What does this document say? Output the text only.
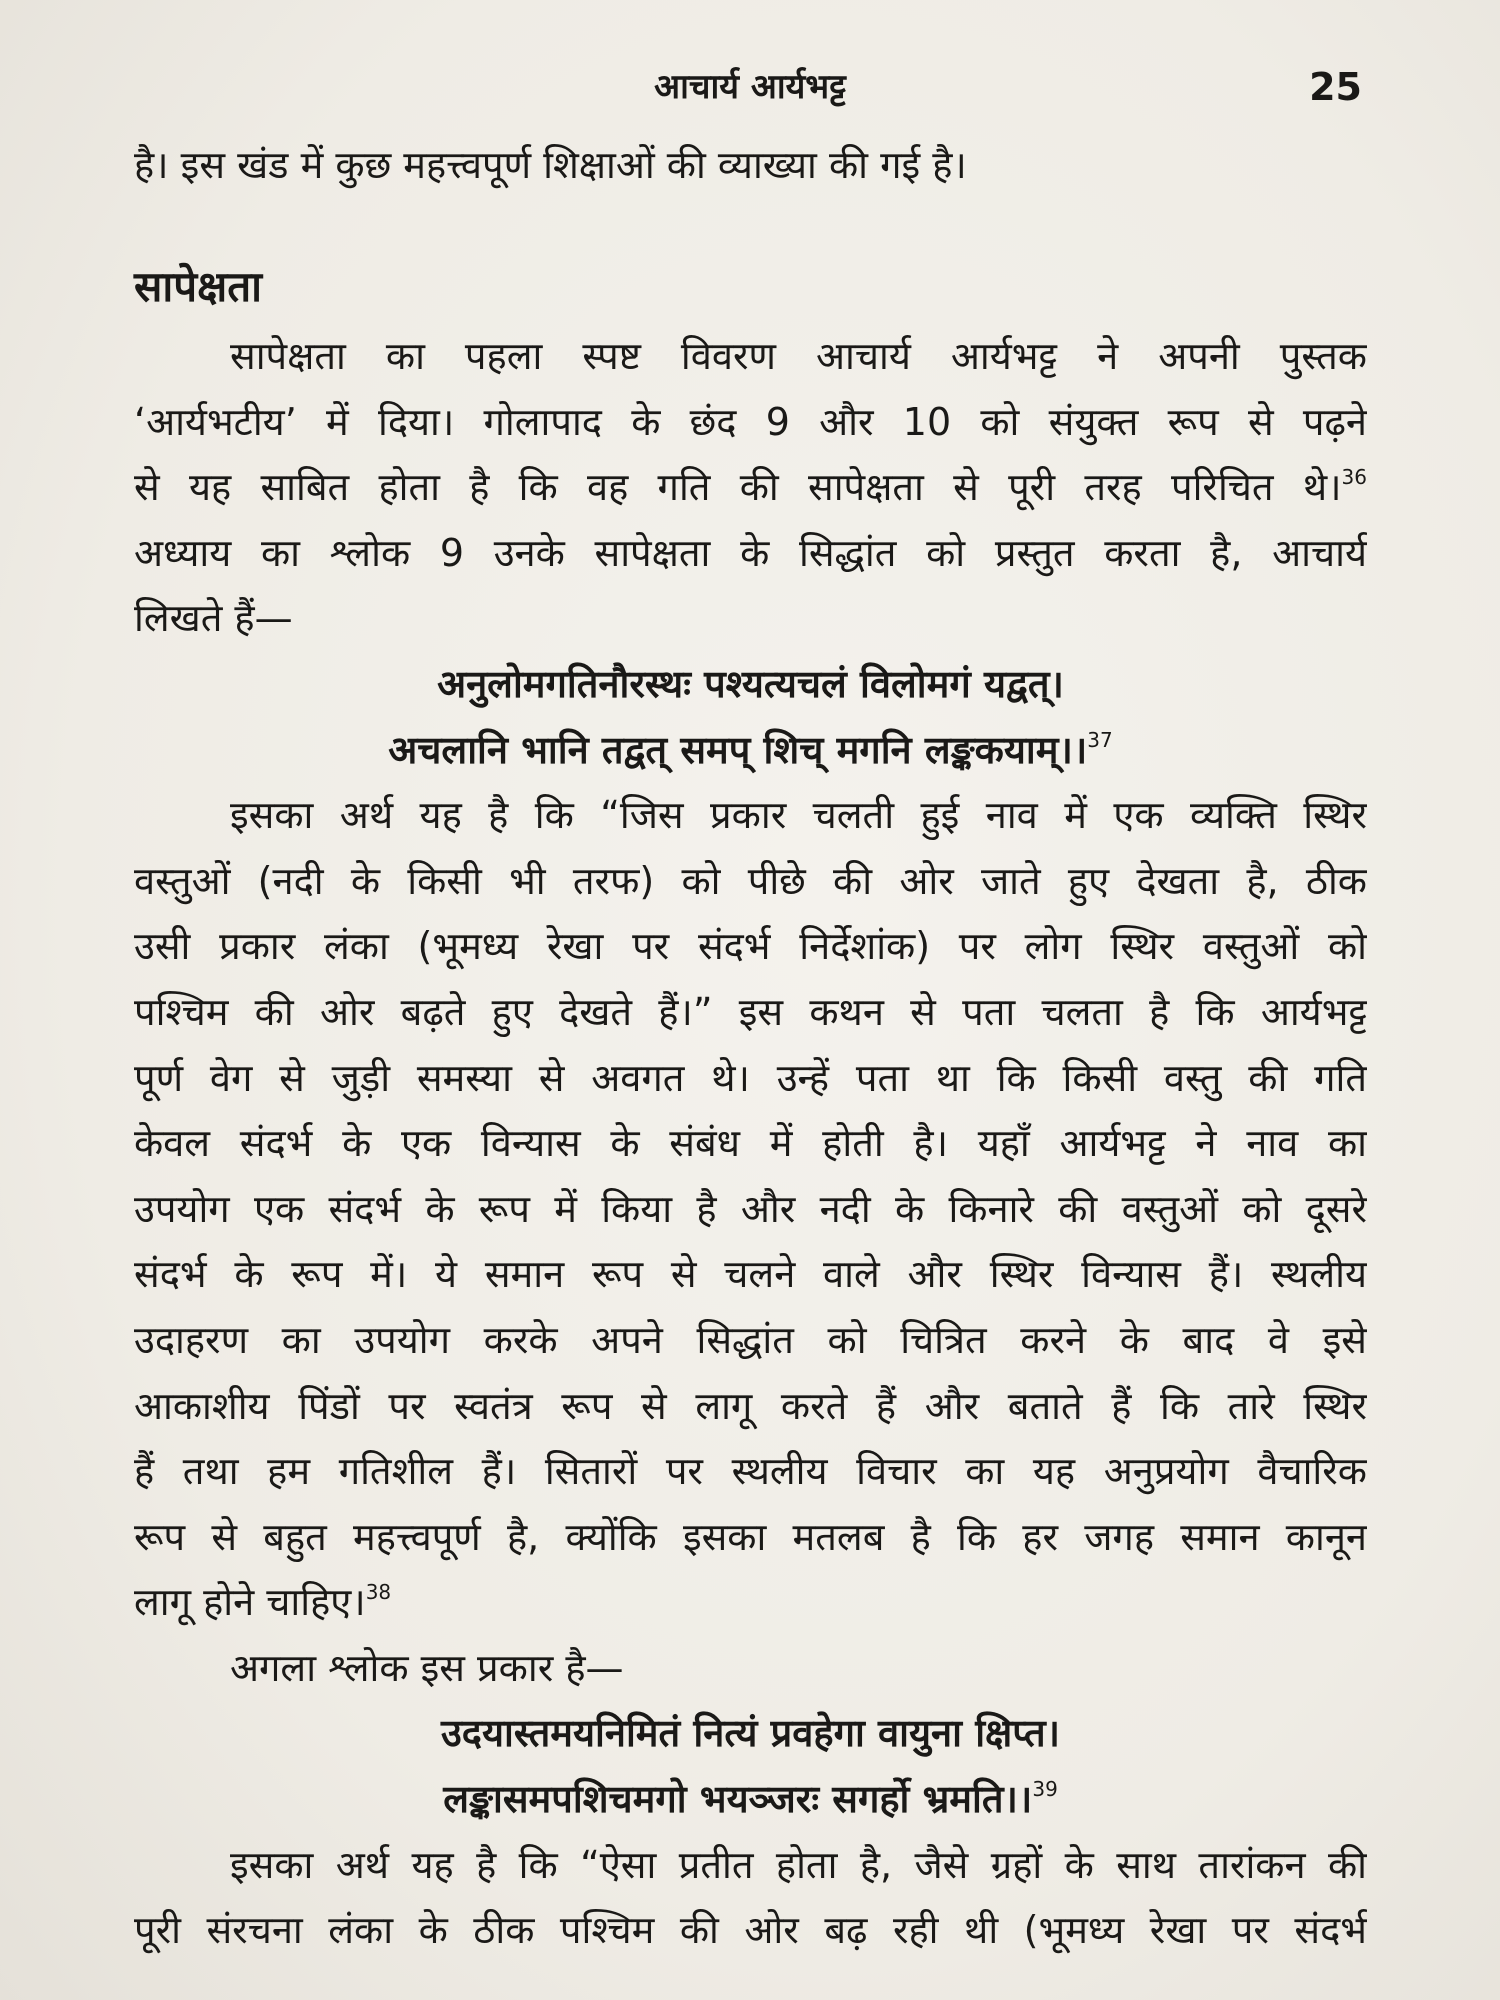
आचार्य आर्यभट्ट	25
है। इस खंड में कुछ महत्त्वपूर्ण शिक्षाओं की व्याख्या की गई है।
सापेक्षता
सापेक्षता का पहला स्पष्ट विवरण आचार्य आर्यभट्ट ने अपनी पुस्तक
‘आर्यभटीय’ में दिया। गोलापाद के छंद 9 और 10 को संयुक्त रूप से पढ़ने
से यह साबित होता है कि वह गति की सापेक्षता से पूरी तरह परिचित थे।$^{36}$
अध्याय का श्लोक 9 उनके सापेक्षता के सिद्धांत को प्रस्तुत करता है, आचार्य
लिखते हैं—
अनुलोमगतिनौरस्थः पश्यत्यचलं विलोमगं यद्वत्।
अचलानि भानि तद्वत् समप् शिच् मगनि लङ्ककयाम्।।$^{37}$
इसका अर्थ यह है कि “जिस प्रकार चलती हुई नाव में एक व्यक्ति स्थिर
वस्तुओं (नदी के किसी भी तरफ) को पीछे की ओर जाते हुए देखता है, ठीक
उसी प्रकार लंका (भूमध्य रेखा पर संदर्भ निर्देशांक) पर लोग स्थिर वस्तुओं को
पश्चिम की ओर बढ़ते हुए देखते हैं।” इस कथन से पता चलता है कि आर्यभट्ट
पूर्ण वेग से जुड़ी समस्या से अवगत थे। उन्हें पता था कि किसी वस्तु की गति
केवल संदर्भ के एक विन्यास के संबंध में होती है। यहाँ आर्यभट्ट ने नाव का
उपयोग एक संदर्भ के रूप में किया है और नदी के किनारे की वस्तुओं को दूसरे
संदर्भ के रूप में। ये समान रूप से चलने वाले और स्थिर विन्यास हैं। स्थलीय
उदाहरण का उपयोग करके अपने सिद्धांत को चित्रित करने के बाद वे इसे
आकाशीय पिंडों पर स्वतंत्र रूप से लागू करते हैं और बताते हैं कि तारे स्थिर
हैं तथा हम गतिशील हैं। सितारों पर स्थलीय विचार का यह अनुप्रयोग वैचारिक
रूप से बहुत महत्त्वपूर्ण है, क्योंकि इसका मतलब है कि हर जगह समान कानून
लागू होने चाहिए।$^{38}$
अगला श्लोक इस प्रकार है—
उदयास्तमयनिमितं नित्यं प्रवहेगा वायुना क्षिप्त।
लङ्कासमपशिचमगो भयञ्जरः सगर्हो भ्रमति।।$^{39}$
इसका अर्थ यह है कि “ऐसा प्रतीत होता है, जैसे ग्रहों के साथ तारांकन की
पूरी संरचना लंका के ठीक पश्चिम की ओर बढ़ रही थी (भूमध्य रेखा पर संदर्भ
